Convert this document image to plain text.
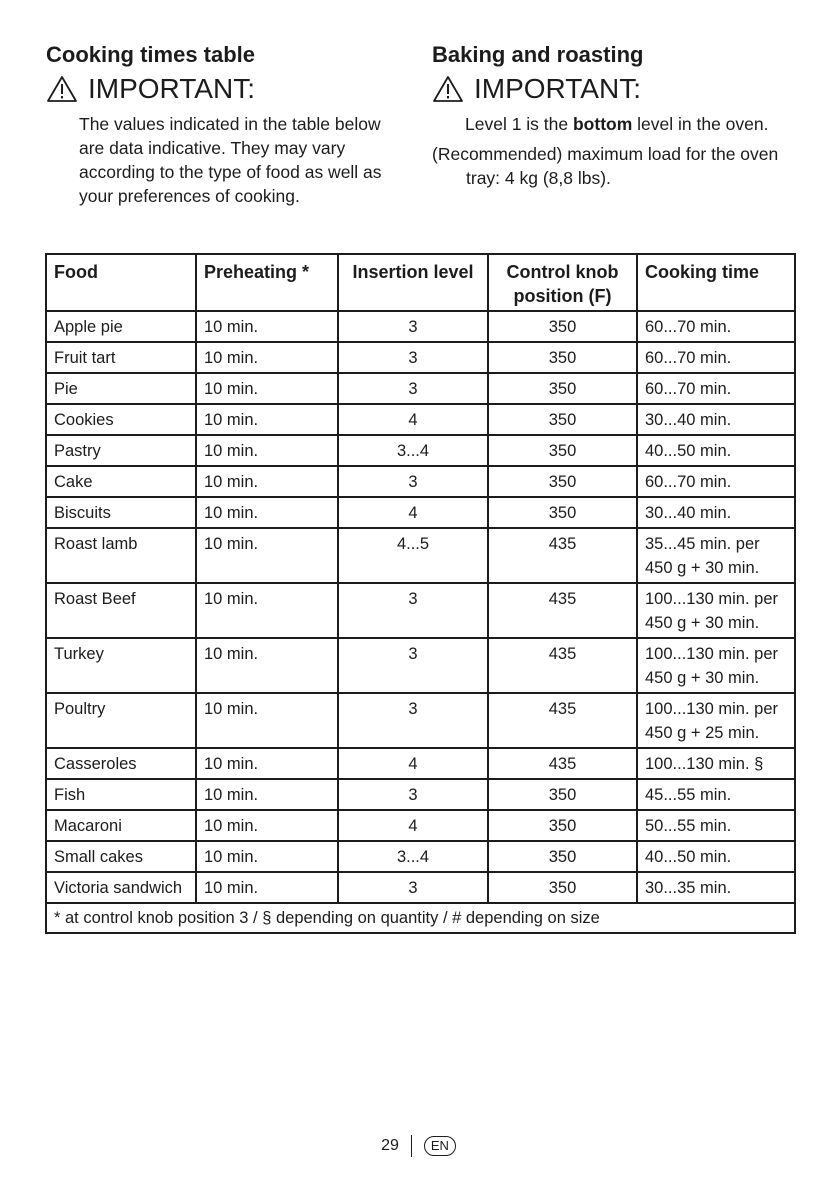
Cooking times table
IMPORTANT:
The values indicated in the table below are data indicative. They may vary according to the type of food as well as your preferences of cooking.
Baking and roasting
IMPORTANT:
Level 1 is the bottom level in the oven.
(Recommended) maximum load for the oven tray: 4 kg (8,8 lbs).
Food	Preheating *	Insertion level	Control knob position (F)	Cooking time
Apple pie	10 min.	3	350	60...70 min.
Fruit tart	10 min.	3	350	60...70 min.
Pie	10 min.	3	350	60...70 min.
Cookies	10 min.	4	350	30...40 min.
Pastry	10 min.	3...4	350	40...50 min.
Cake	10 min.	3	350	60...70 min.
Biscuits	10 min.	4	350	30...40 min.
Roast lamb	10 min.	4...5	435	35...45 min. per 450 g + 30 min.
Roast Beef	10 min.	3	435	100...130 min. per 450 g + 30 min.
Turkey	10 min.	3	435	100...130 min. per 450 g + 30 min.
Poultry	10 min.	3	435	100...130 min. per 450 g + 25 min.
Casseroles	10 min.	4	435	100...130 min. §
Fish	10 min.	3	350	45...55 min.
Macaroni	10 min.	4	350	50...55 min.
Small cakes	10 min.	3...4	350	40...50 min.
Victoria sandwich	10 min.	3	350	30...35 min.
* at control knob position 3 / § depending on quantity / # depending on size				
29	EN
